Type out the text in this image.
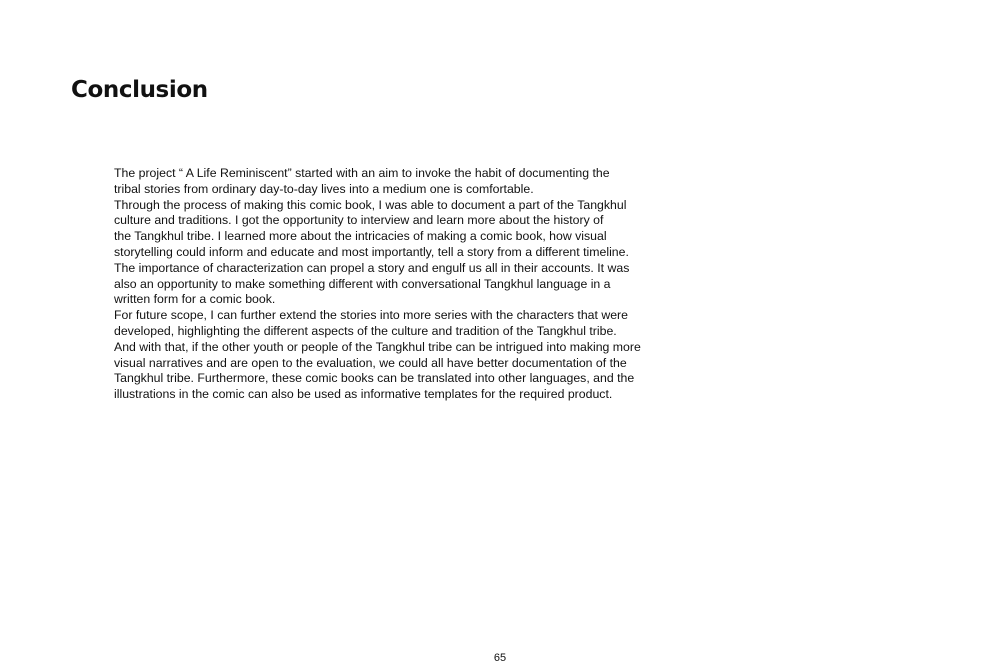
Conclusion
The project “ A Life Reminiscent” started with an aim to invoke the habit of documenting the
tribal stories from ordinary day-to-day lives into a medium one is comfortable.
Through the process of making this comic book, I was able to document a part of the Tangkhul
culture and traditions. I got the opportunity to interview and learn more about the history of
the Tangkhul tribe. I learned more about the intricacies of making a comic book, how visual
storytelling could inform and educate and most importantly, tell a story from a different timeline.
The importance of characterization can propel a story and engulf us all in their accounts. It was
also an opportunity to make something different with conversational Tangkhul language in a
written form for a comic book.
For future scope, I can further extend the stories into more series with the characters that were
developed, highlighting the different aspects of the culture and tradition of the Tangkhul tribe.
And with that, if the other youth or people of the Tangkhul tribe can be intrigued into making more
visual narratives and are open to the evaluation, we could all have better documentation of the
Tangkhul tribe. Furthermore, these comic books can be translated into other languages, and the
illustrations in the comic can also be used as informative templates for the required product.
65
